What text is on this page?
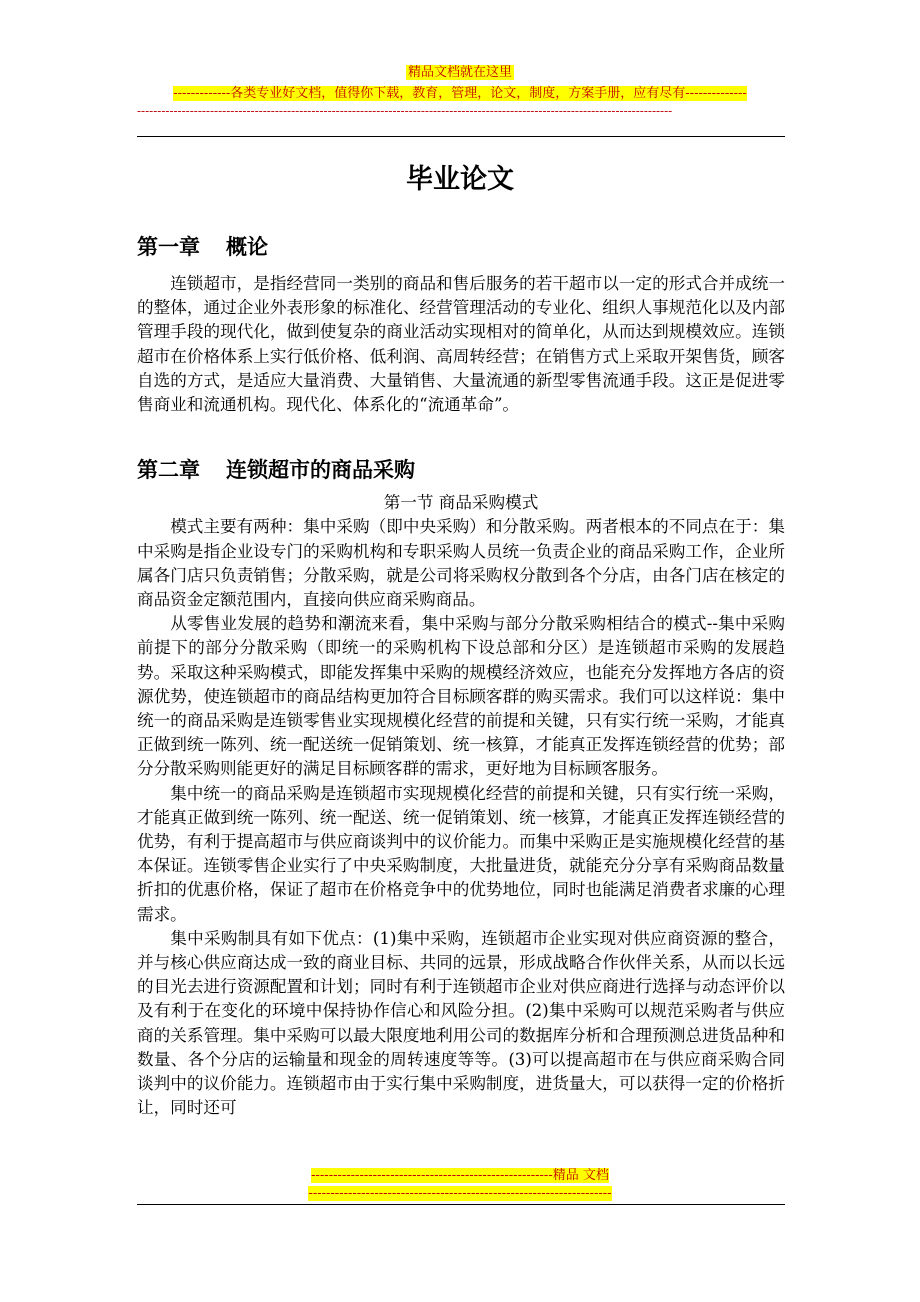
精品文档就在这里
-------------各类专业好文档，值得你下载，教育，管理，论文，制度，方案手册，应有尽有--------------
------------------------------------------------------------------------------------------------------------------------------------
毕业论文
第一章 概论

连锁超市，是指经营同一类别的商品和售后服务的若干超市以一定的形式合并成统一的整体，通过企业外表形象的标准化、经营管理活动的专业化、组织人事规范化以及内部管理手段的现代化，做到使复杂的商业活动实现相对的简单化，从而达到规模效应。连锁超市在价格体系上实行低价格、低利润、高周转经营；在销售方式上采取开架售货，顾客自选的方式，是适应大量消费、大量销售、大量流通的新型零售流通手段。这正是促进零售商业和流通机构。现代化、体系化的“流通革命”。

第二章 连锁超市的商品采购
第一节 商品采购模式

模式主要有两种：集中采购（即中央采购）和分散采购。两者根本的不同点在于：集中采购是指企业设专门的采购机构和专职采购人员统一负责企业的商品采购工作，企业所属各门店只负责销售；分散采购，就是公司将采购权分散到各个分店，由各门店在核定的商品资金定额范围内，直接向供应商采购商品。

从零售业发展的趋势和潮流来看，集中采购与部分分散采购相结合的模式--集中采购前提下的部分分散采购（即统一的采购机构下设总部和分区）是连锁超市采购的发展趋势。采取这种采购模式，即能发挥集中采购的规模经济效应，也能充分发挥地方各店的资源优势，使连锁超市的商品结构更加符合目标顾客群的购买需求。我们可以这样说：集中统一的商品采购是连锁零售业实现规模化经营的前提和关键，只有实行统一采购，才能真正做到统一陈列、统一配送统一促销策划、统一核算，才能真正发挥连锁经营的优势；部分分散采购则能更好的满足目标顾客群的需求，更好地为目标顾客服务。

集中统一的商品采购是连锁超市实现规模化经营的前提和关键，只有实行统一采购，才能真正做到统一陈列、统一配送、统一促销策划、统一核算，才能真正发挥连锁经营的优势，有利于提高超市与供应商谈判中的议价能力。而集中采购正是实施规模化经营的基本保证。连锁零售企业实行了中央采购制度，大批量进货，就能充分分享有采购商品数量折扣的优惠价格，保证了超市在价格竞争中的优势地位，同时也能满足消费者求廉的心理需求。

集中采购制具有如下优点：(1)集中采购，连锁超市企业实现对供应商资源的整合，并与核心供应商达成一致的商业目标、共同的远景，形成战略合作伙伴关系，从而以长远的目光去进行资源配置和计划；同时有利于连锁超市企业对供应商进行选择与动态评价以及有利于在变化的环境中保持协作信心和风险分担。(2)集中采购可以规范采购者与供应商的关系管理。集中采购可以最大限度地利用公司的数据库分析和合理预测总进货品种和数量、各个分店的运输量和现金的周转速度等等。(3)可以提高超市在与供应商采购合同谈判中的议价能力。连锁超市由于实行集中采购制度，进货量大，可以获得一定的价格折让，同时还可

-------------------------------------------------------精品 文档
---------------------------------------------------------------------
